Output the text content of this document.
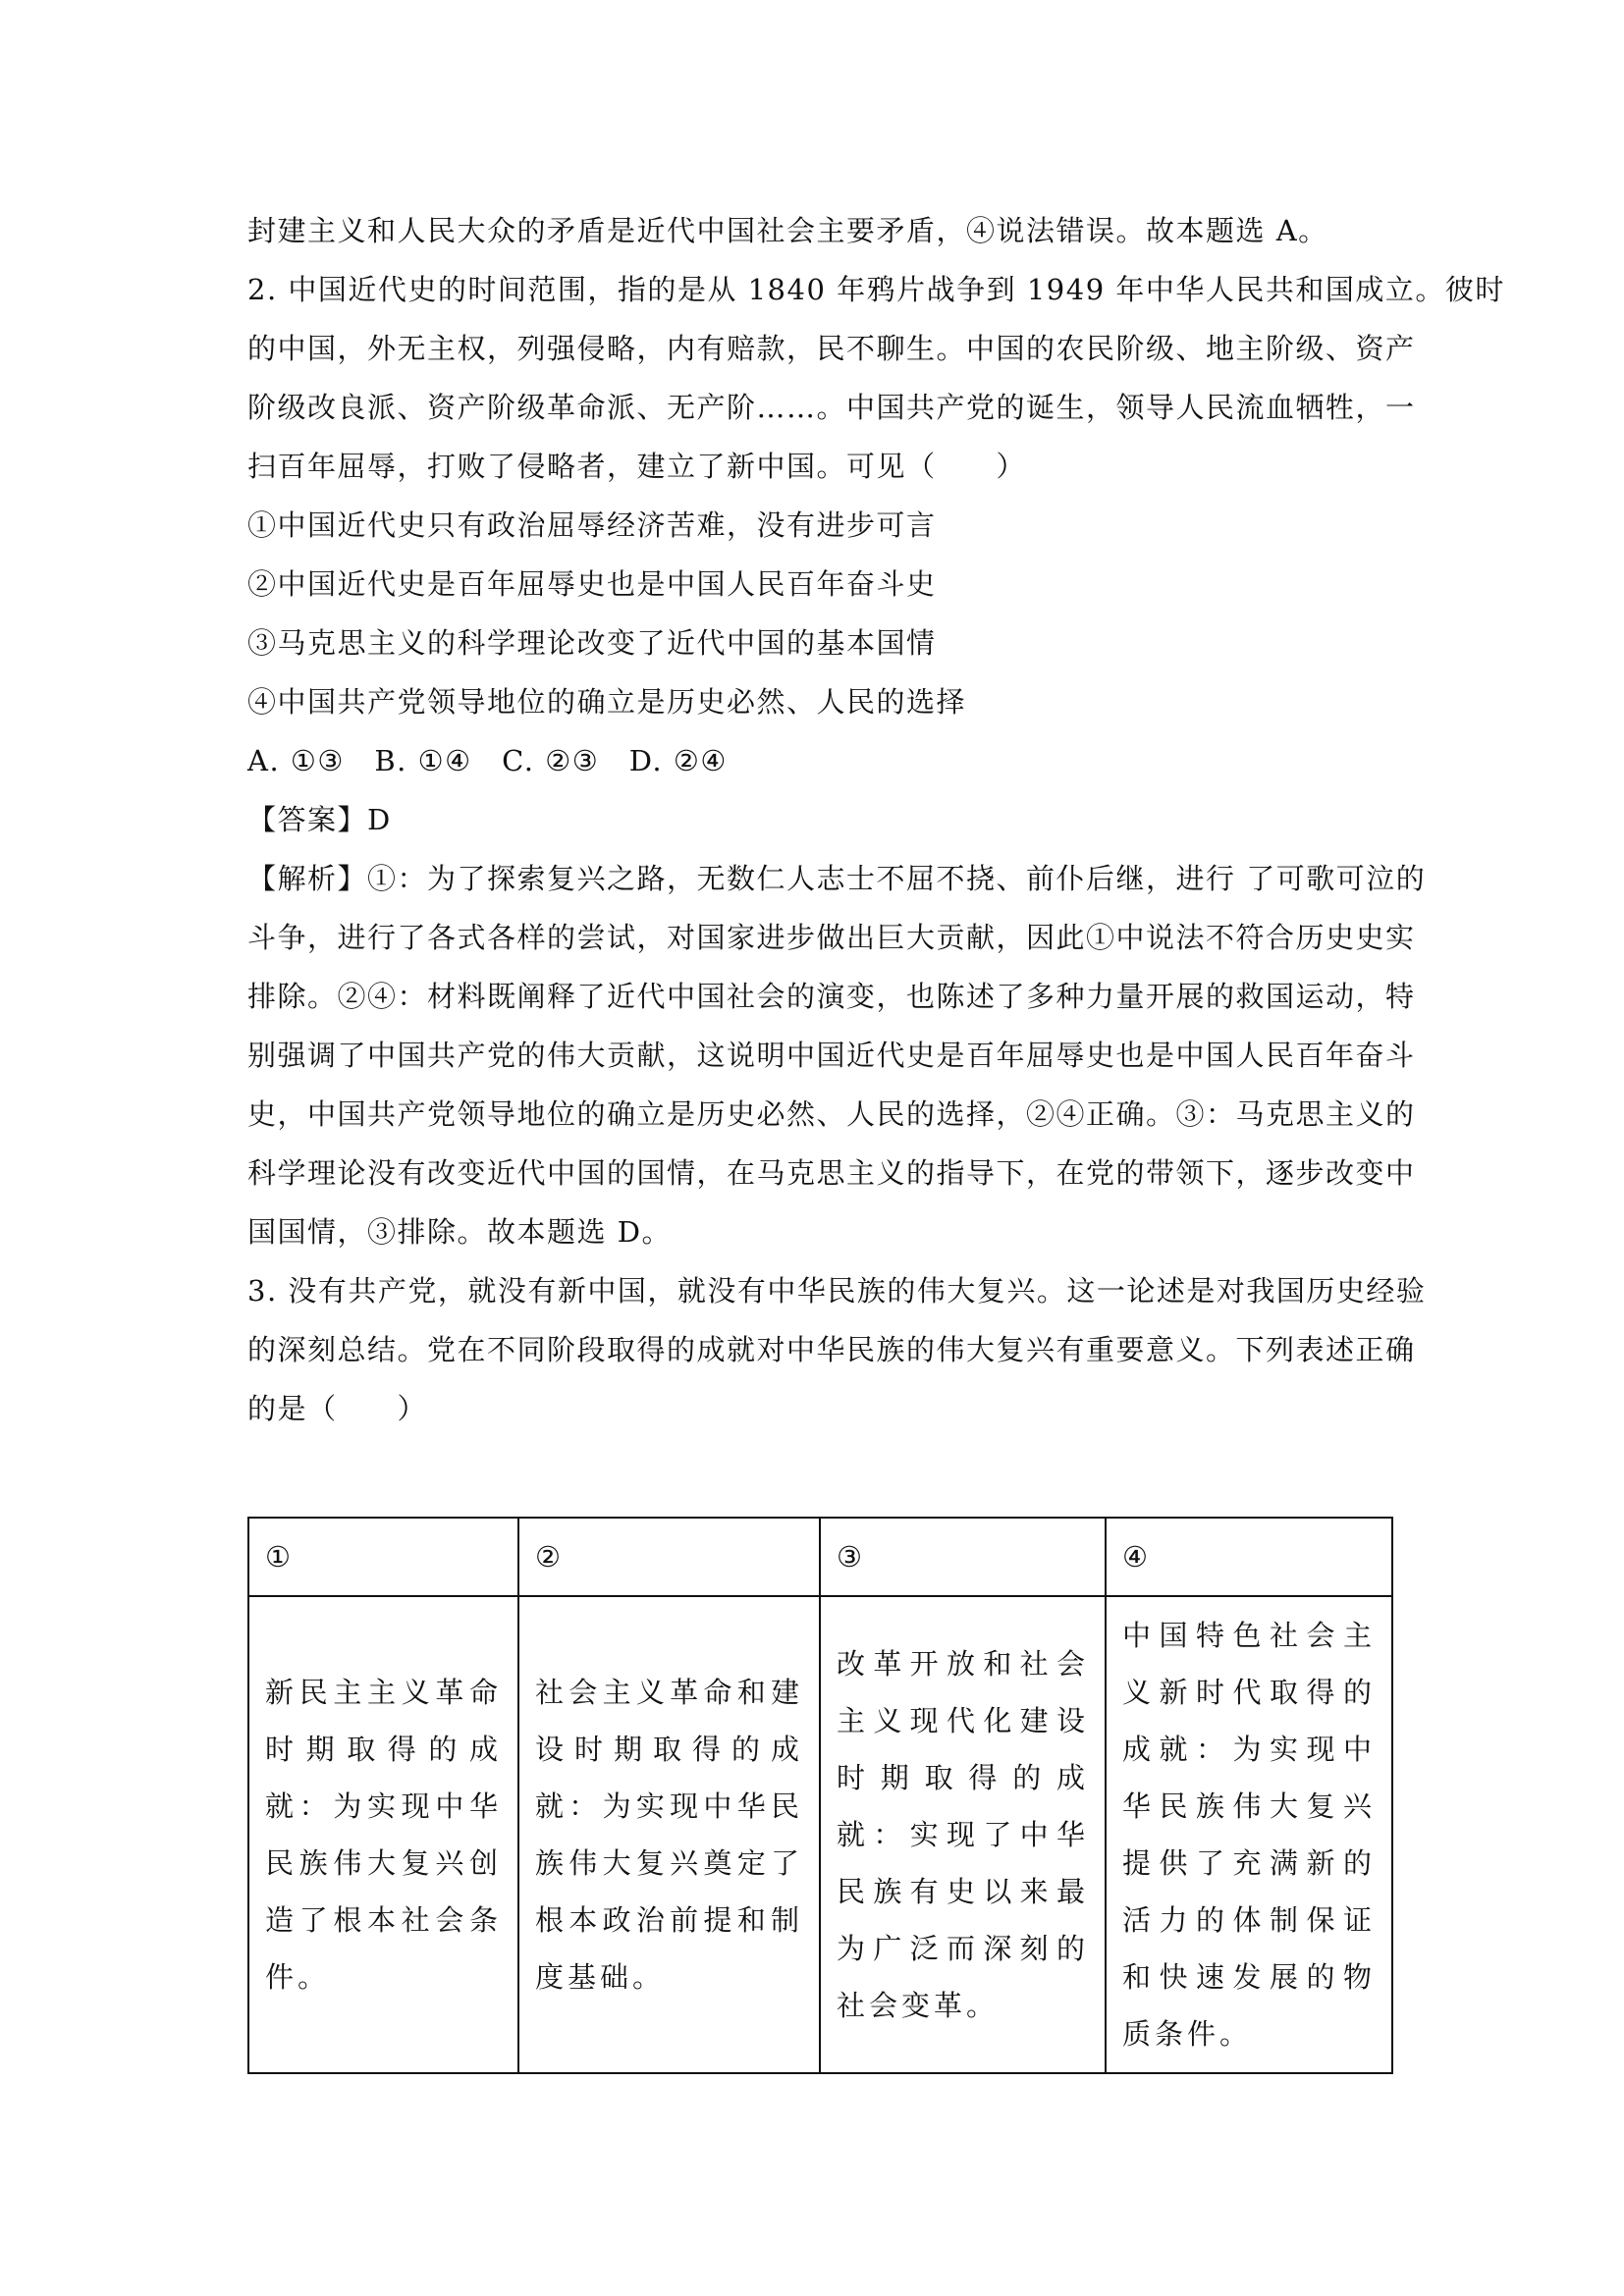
封建主义和人民大众的矛盾是近代中国社会主要矛盾，④说法错误。故本题选 A。
2. 中国近代史的时间范围，指的是从 1840 年鸦片战争到 1949 年中华人民共和国成立。彼时
的中国，外无主权，列强侵略，内有赔款，民不聊生。中国的农民阶级、地主阶级、资产
阶级改良派、资产阶级革命派、无产阶……。中国共产党的诞生，领导人民流血牺牲，一
扫百年屈辱，打败了侵略者，建立了新中国。可见（　　）
①中国近代史只有政治屈辱经济苦难，没有进步可言
②中国近代史是百年屈辱史也是中国人民百年奋斗史
③马克思主义的科学理论改变了近代中国的基本国情
④中国共产党领导地位的确立是历史必然、人民的选择
A. ①③　B. ①④　C. ②③　D. ②④
【答案】D
【解析】①：为了探索复兴之路，无数仁人志士不屈不挠、前仆后继，进行 了可歌可泣的
斗争，进行了各式各样的尝试，对国家进步做出巨大贡献，因此①中说法不符合历史史实
排除。②④：材料既阐释了近代中国社会的演变，也陈述了多种力量开展的救国运动，特
别强调了中国共产党的伟大贡献，这说明中国近代史是百年屈辱史也是中国人民百年奋斗
史，中国共产党领导地位的确立是历史必然、人民的选择，②④正确。③：马克思主义的
科学理论没有改变近代中国的国情，在马克思主义的指导下，在党的带领下，逐步改变中
国国情，③排除。故本题选 D。
3. 没有共产党，就没有新中国，就没有中华民族的伟大复兴。这一论述是对我国历史经验
的深刻总结。党在不同阶段取得的成就对中华民族的伟大复兴有重要意义。下列表述正确
的是（　　）
①	②	③	④
新民主主义革命时期取得的成就：为实现中华民族伟大复兴创造了根本社会条件。	社会主义革命和建设时期取得的成就：为实现中华民族伟大复兴奠定了根本政治前提和制度基础。	改革开放和社会主义现代化建设时期取得的成就：实现了中华民族有史以来最为广泛而深刻的社会变革。	中国特色社会主义新时代取得的成就：为实现中华民族伟大复兴提供了充满新的活力的体制保证和快速发展的物质条件。
